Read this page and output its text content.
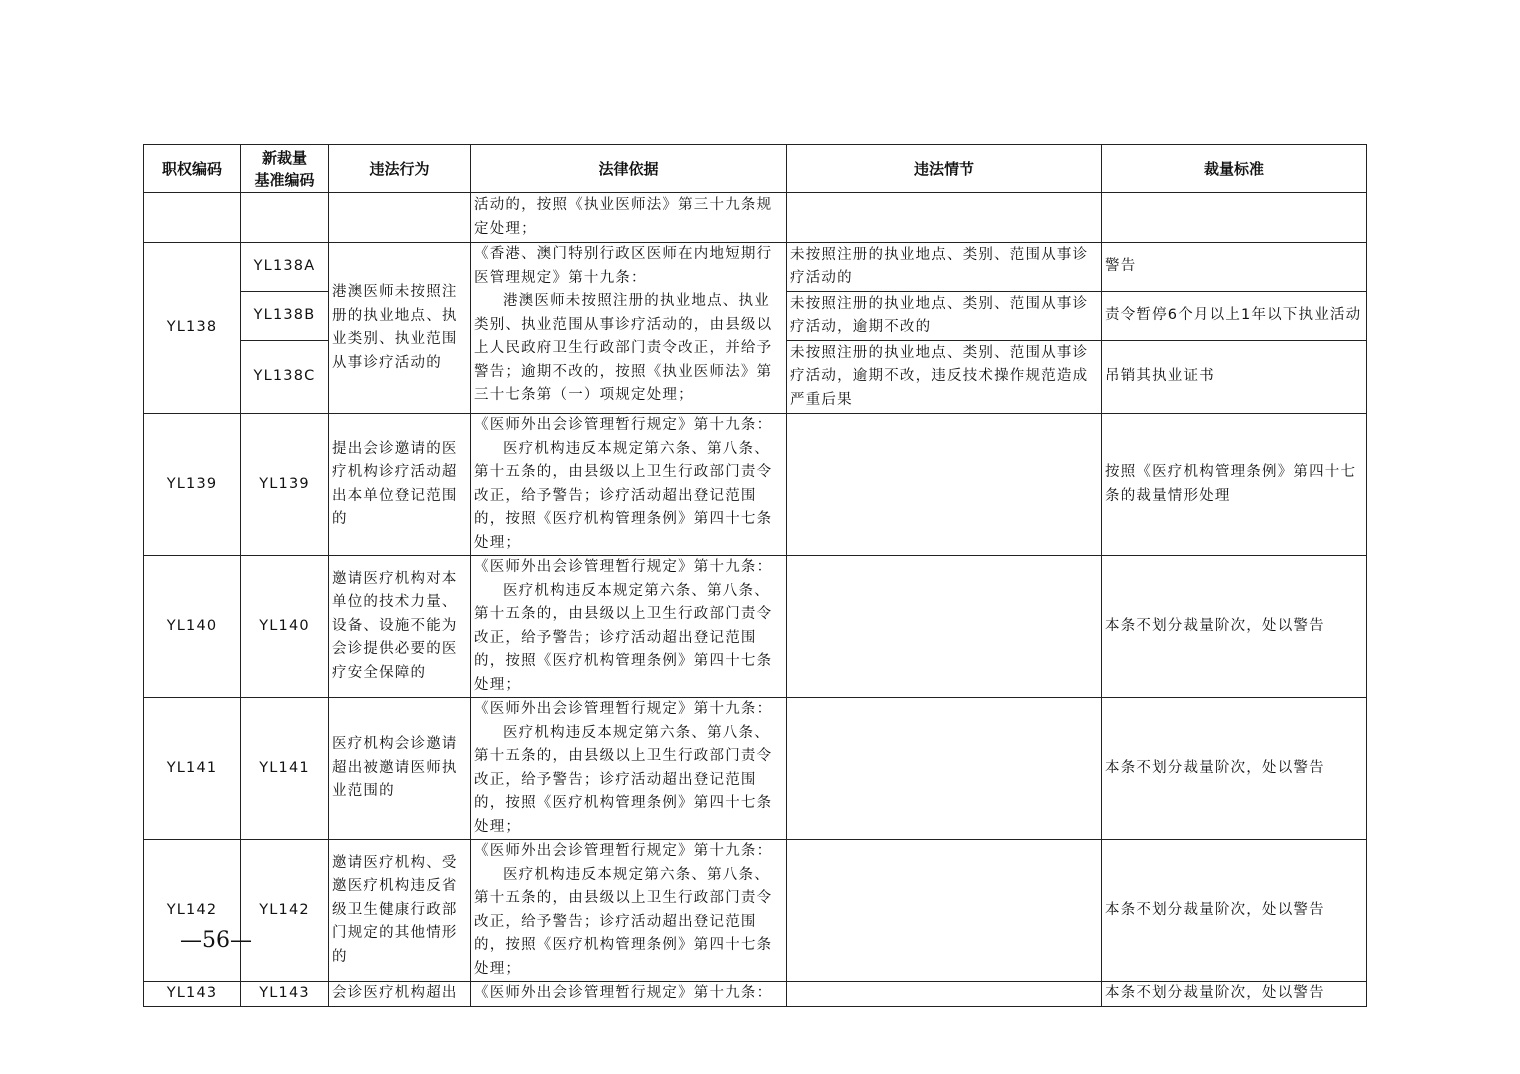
职权编码	新裁量
基准编码	违法行为	法律依据	违法情节	裁量标准
			活动的，按照《执业医师法》第三十九条规定处理；		
YL138	YL138A	港澳医师未按照注册的执业地点、执业类别、执业范围从事诊疗活动的	《香港、澳门特别行政区医师在内地短期行医管理规定》第十九条：
港澳医师未按照注册的执业地点、执业类别、执业范围从事诊疗活动的，由县级以上人民政府卫生行政部门责令改正，并给予警告；逾期不改的，按照《执业医师法》第三十七条第（一）项规定处理；	未按照注册的执业地点、类别、范围从事诊疗活动的	警告
	YL138B			未按照注册的执业地点、类别、范围从事诊疗活动，逾期不改的	责令暂停6个月以上1年以下执业活动
	YL138C			未按照注册的执业地点、类别、范围从事诊疗活动，逾期不改，违反技术操作规范造成严重后果	吊销其执业证书
YL139	YL139	提出会诊邀请的医疗机构诊疗活动超出本单位登记范围的	《医师外出会诊管理暂行规定》第十九条：
医疗机构违反本规定第六条、第八条、第十五条的，由县级以上卫生行政部门责令改正，给予警告；诊疗活动超出登记范围的，按照《医疗机构管理条例》第四十七条处理；		按照《医疗机构管理条例》第四十七条的裁量情形处理
YL140	YL140	邀请医疗机构对本单位的技术力量、设备、设施不能为会诊提供必要的医疗安全保障的	《医师外出会诊管理暂行规定》第十九条：
医疗机构违反本规定第六条、第八条、第十五条的，由县级以上卫生行政部门责令改正，给予警告；诊疗活动超出登记范围的，按照《医疗机构管理条例》第四十七条处理；		本条不划分裁量阶次，处以警告
YL141	YL141	医疗机构会诊邀请超出被邀请医师执业范围的	《医师外出会诊管理暂行规定》第十九条：
医疗机构违反本规定第六条、第八条、第十五条的，由县级以上卫生行政部门责令改正，给予警告；诊疗活动超出登记范围的，按照《医疗机构管理条例》第四十七条处理；		本条不划分裁量阶次，处以警告
YL142	YL142	邀请医疗机构、受邀医疗机构违反省级卫生健康行政部门规定的其他情形的	《医师外出会诊管理暂行规定》第十九条：
医疗机构违反本规定第六条、第八条、第十五条的，由县级以上卫生行政部门责令改正，给予警告；诊疗活动超出登记范围的，按照《医疗机构管理条例》第四十七条处理；		本条不划分裁量阶次，处以警告
YL143	YL143	会诊医疗机构超出	《医师外出会诊管理暂行规定》第十九条：		本条不划分裁量阶次，处以警告
—56—
